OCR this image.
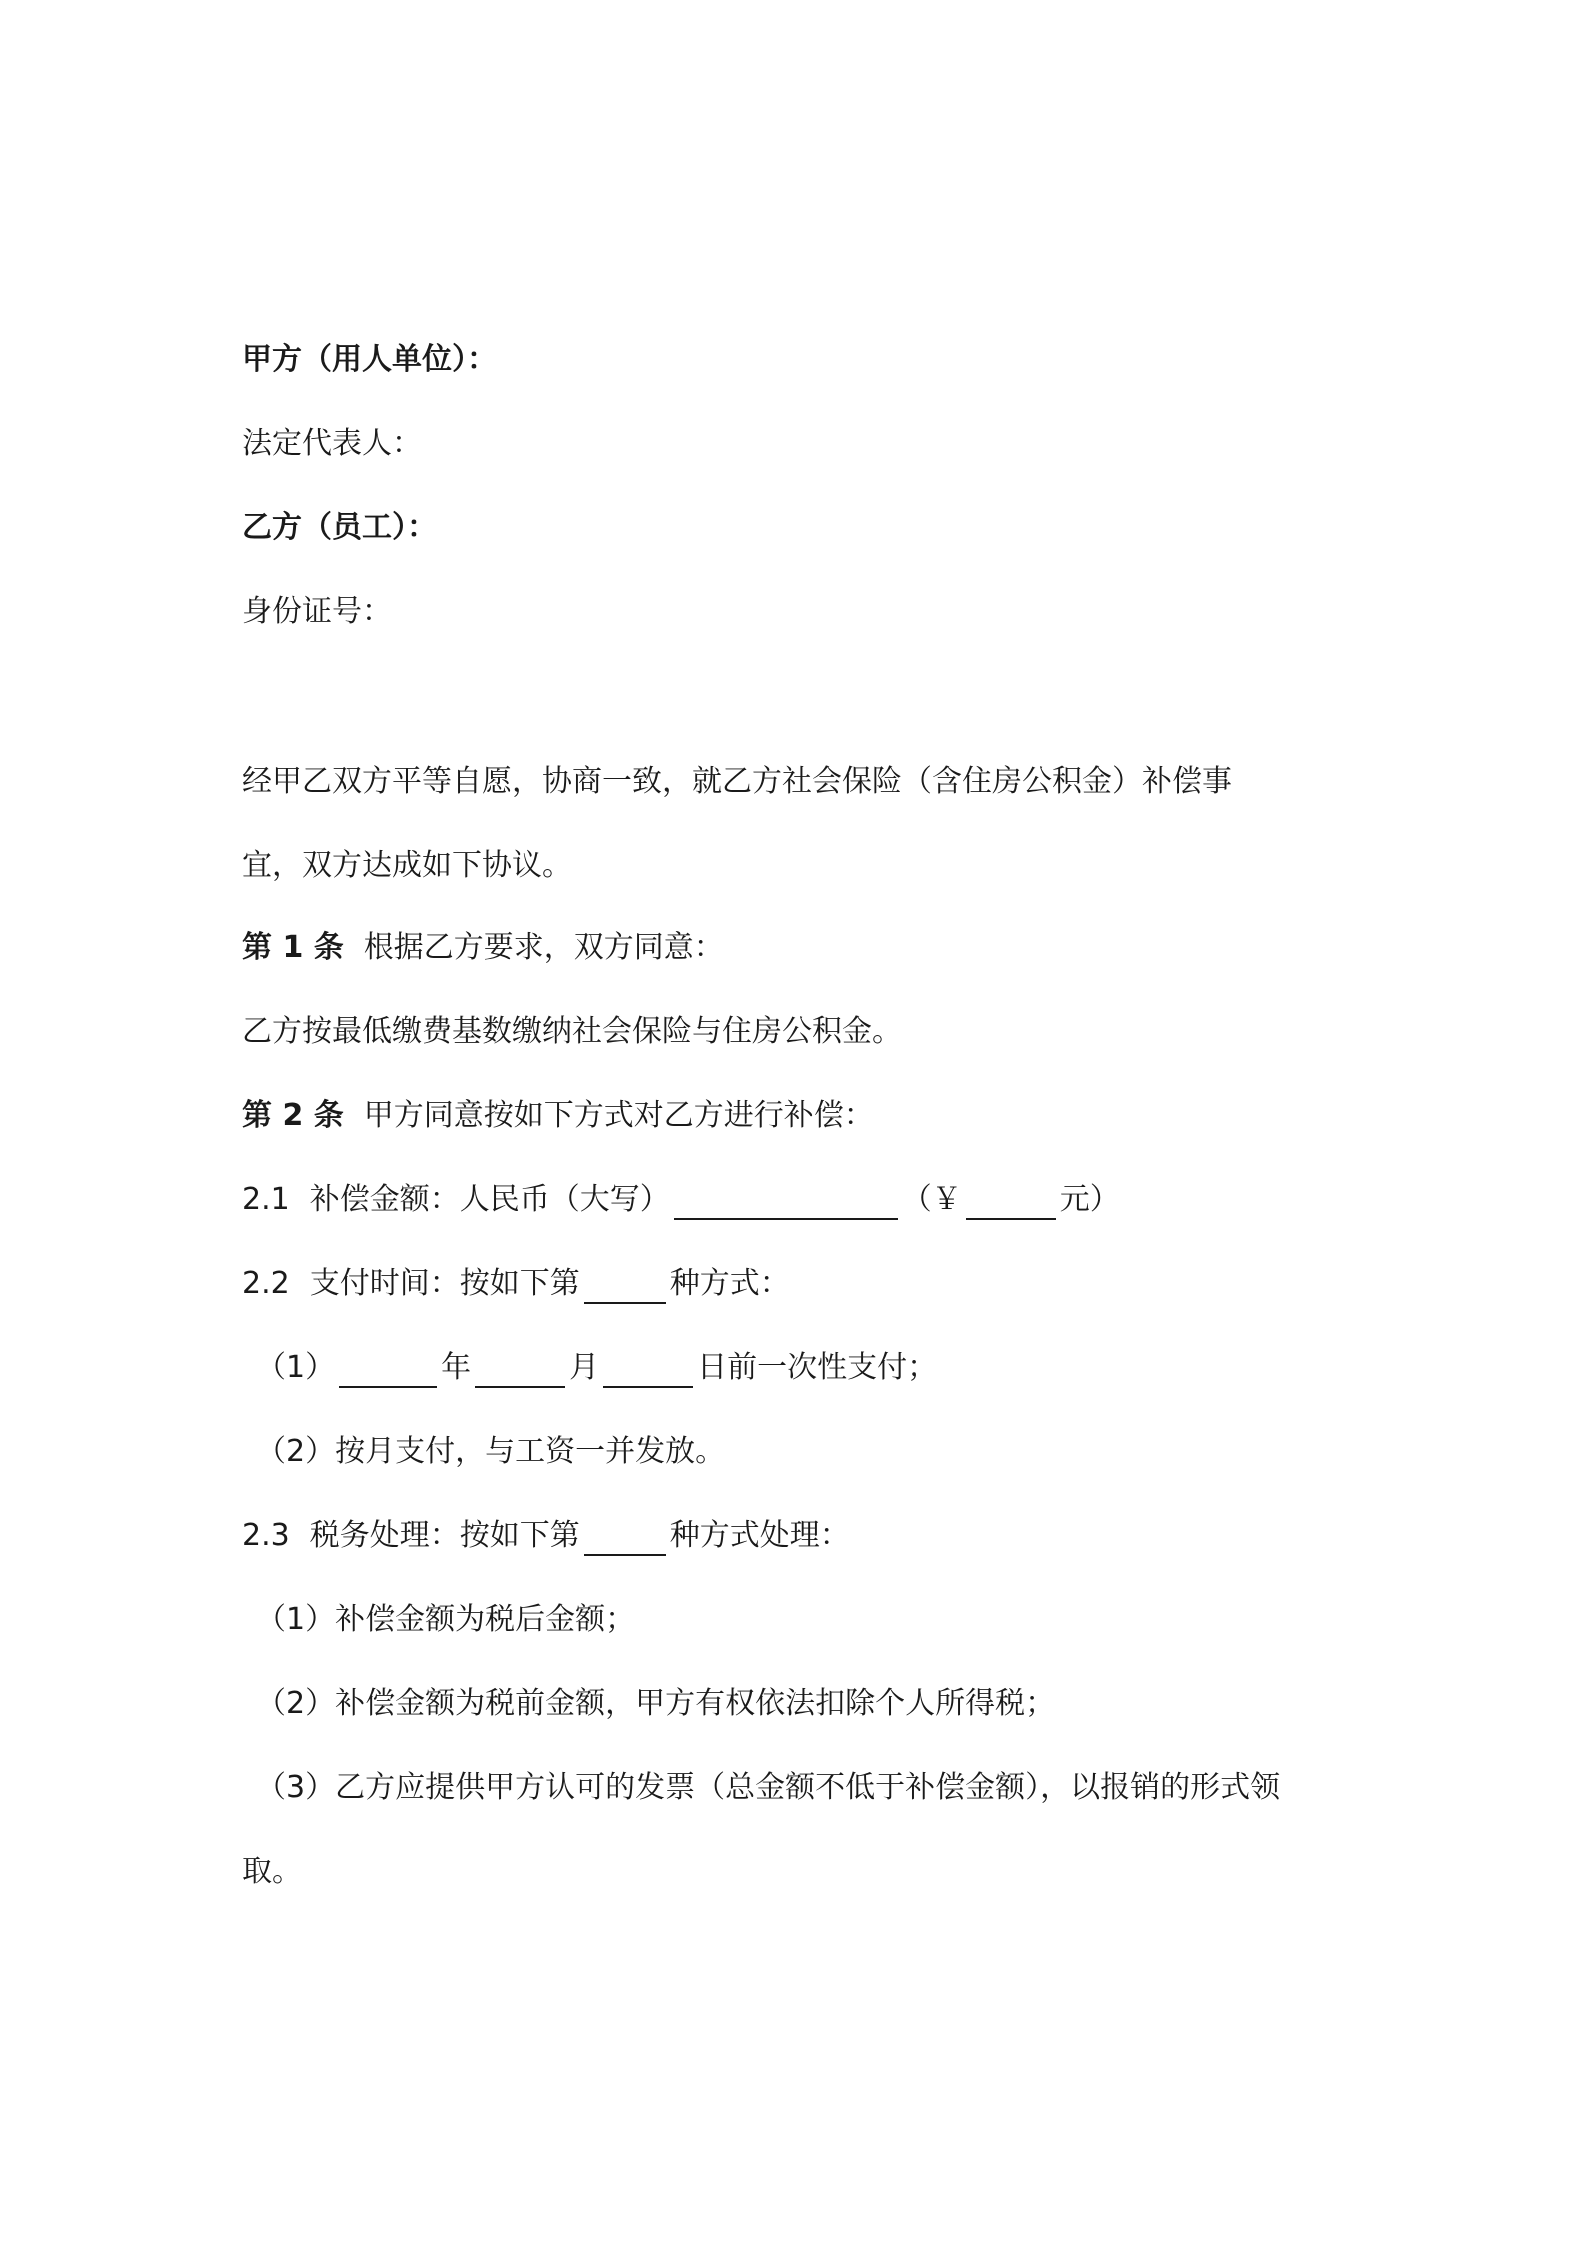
甲方（用人单位）：
法定代表人：
乙方（员工）：
身份证号：
经甲乙双方平等自愿，协商一致，就乙方社会保险（含住房公积金）补偿事
宜，双方达成如下协议。
第 1 条 根据乙方要求，双方同意：
乙方按最低缴费基数缴纳社会保险与住房公积金。
第 2 条 甲方同意按如下方式对乙方进行补偿：
2.1 补偿金额：人民币（大写）	（￥	元）
2.2 支付时间：按如下第	种方式：
（1）	年	月	日前一次性支付；
（2）按月支付，与工资一并发放。
2.3 税务处理：按如下第	种方式处理：
（1）补偿金额为税后金额；
（2）补偿金额为税前金额，甲方有权依法扣除个人所得税；
（3）乙方应提供甲方认可的发票（总金额不低于补偿金额），以报销的形式领
取。
